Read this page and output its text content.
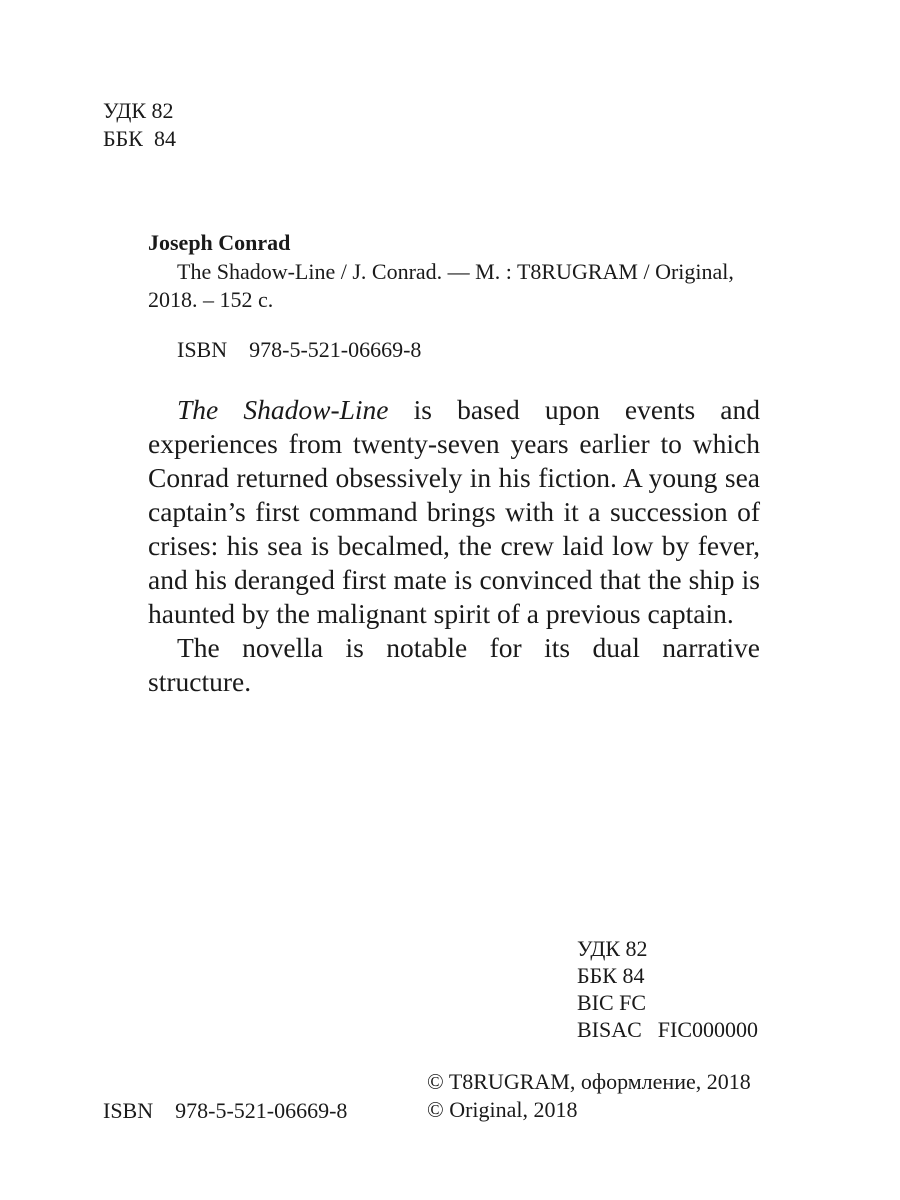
УДК 82
ББК  84
Joseph Conrad
The Shadow-Line / J. Conrad. — M. : T8RUGRAM / Original,
2018. – 152 c.
ISBN 978-5-521-06669-8

The Shadow-Line is based upon events and experiences from twenty-seven years earlier to which Conrad returned obsessively in his fiction. A young sea captain’s first command brings with it a succession of crises: his sea is becalmed, the crew laid low by fever, and his deranged first mate is convinced that the ship is haunted by the malignant spirit of a previous captain.

The novella is notable for its dual narrative structure.

УДК 82
ББК 84
BIC FC
BISAC FIC000000
ISBN 978-5-521-06669-8
© T8RUGRAM, оформление, 2018
© Original, 2018
